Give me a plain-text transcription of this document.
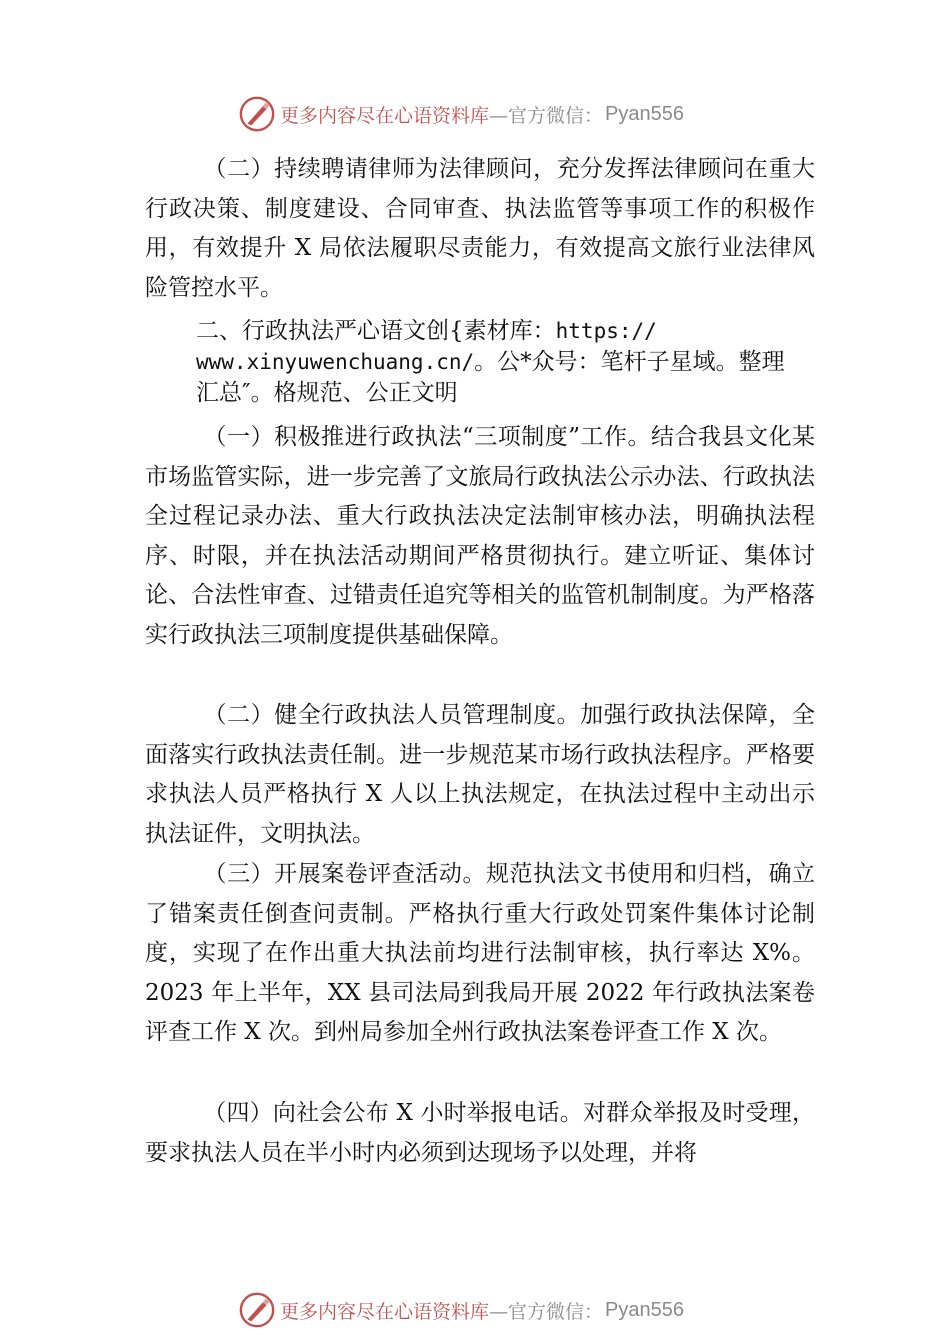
更多内容尽在心语资料库 —官方微信： Pyan556

（二）持续聘请律师为法律顾问，充分发挥法律顾问在重大行政决策、制度建设、合同审查、执法监管等事项工作的积极作用，有效提升 X 局依法履职尽责能力，有效提高文旅行业法律风险管控水平。

二、行政执法严心语文创{素材库：https://
www.xinyuwenchuang.cn/。公*众号：笔杆子星域。整理
汇总″。格规范、公正文明

（一）积极推进行政执法“三项制度”工作。结合我县文化某市场监管实际，进一步完善了文旅局行政执法公示办法、行政执法全过程记录办法、重大行政执法决定法制审核办法，明确执法程序、时限，并在执法活动期间严格贯彻执行。建立听证、集体讨论、合法性审查、过错责任追究等相关的监管机制制度。为严格落实行政执法三项制度提供基础保障。

（二）健全行政执法人员管理制度。加强行政执法保障，全面落实行政执法责任制。进一步规范某市场行政执法程序。严格要求执法人员严格执行 X 人以上执法规定，在执法过程中主动出示执法证件，文明执法。

（三）开展案卷评查活动。规范执法文书使用和归档，确立了错案责任倒查问责制。严格执行重大行政处罚案件集体讨论制度，实现了在作出重大执法前均进行法制审核，执行率达 X%。2023 年上半年，XX 县司法局到我局开展 2022 年行政执法案卷评查工作 X 次。到州局参加全州行政执法案卷评查工作 X 次。

（四）向社会公布 X 小时举报电话。对群众举报及时受理，要求执法人员在半小时内必须到达现场予以处理，并将

更多内容尽在心语资料库 —官方微信： Pyan556
